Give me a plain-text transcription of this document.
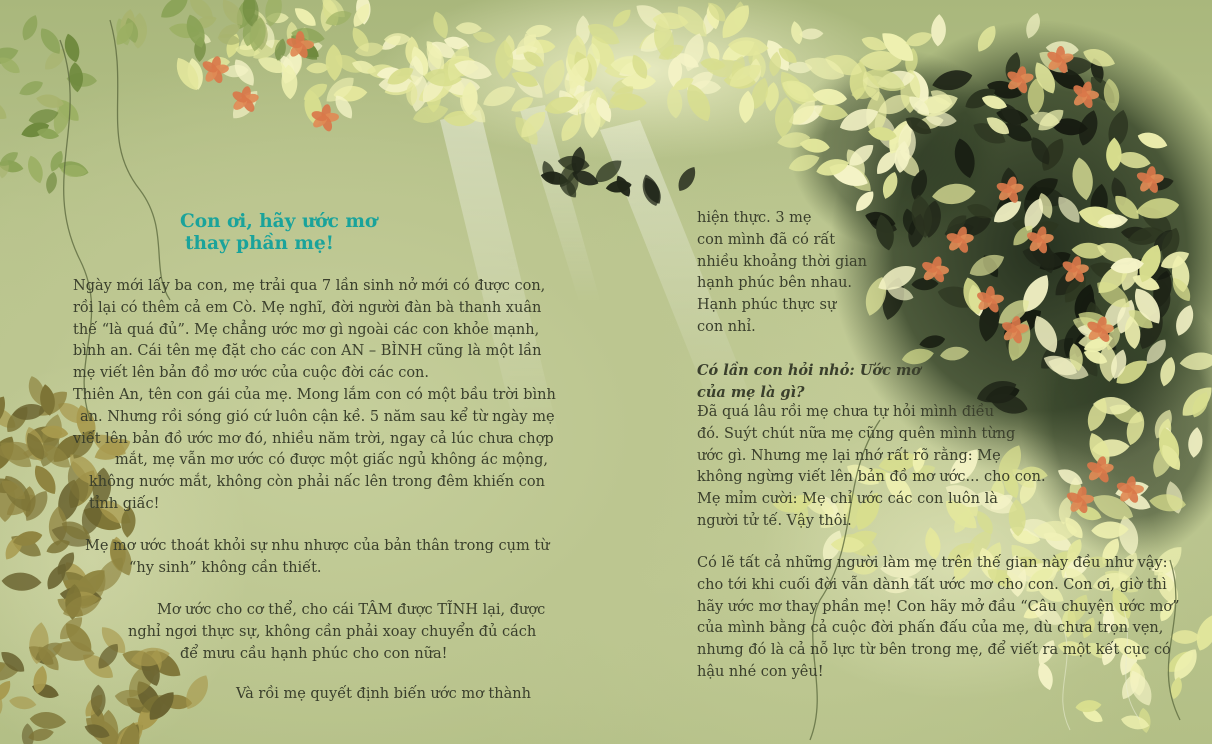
Con ơi, hãy ước mơ
thay phần mẹ!
Ngày mới lấy ba con, mẹ trải qua 7 lần sinh nở mới có được con,
rồi lại có thêm cả em Cò. Mẹ nghĩ, đời người đàn bà thanh xuân
thế “là quá đủ”. Mẹ chẳng ước mơ gì ngoài các con khỏe mạnh,
bình an. Cái tên mẹ đặt cho các con AN – BÌNH cũng là một lần
mẹ viết lên bản đồ mơ ước của cuộc đời các con.
Thiên An, tên con gái của mẹ. Mong lắm con có một bầu trời bình
an. Nhưng rồi sóng gió cứ luôn cận kề. 5 năm sau kể từ ngày mẹ
viết lên bản đồ ước mơ đó, nhiều năm trời, ngay cả lúc chưa chợp
mắt, mẹ vẫn mơ ước có được một giấc ngủ không ác mộng,
không nước mắt, không còn phải nấc lên trong đêm khiến con
tỉnh giấc!
Mẹ mơ ước thoát khỏi sự nhu nhược của bản thân trong cụm từ
“hy sinh” không cần thiết.
Mơ ước cho cơ thể, cho cái TÂM được TĨNH lại, được
nghỉ ngơi thực sự, không cần phải xoay chuyển đủ cách
để mưu cầu hạnh phúc cho con nữa!
Và rồi mẹ quyết định biến ước mơ thành
hiện thực. 3 mẹ
con mình đã có rất
nhiều khoảng thời gian
hạnh phúc bên nhau.
Hạnh phúc thực sự
con nhỉ.
Có lần con hỏi nhỏ: Ước mơ
của mẹ là gì?
Đã quá lâu rồi mẹ chưa tự hỏi mình điều
đó. Suýt chút nữa mẹ cũng quên mình từng
ước gì. Nhưng mẹ lại nhớ rất rõ rằng: Mẹ
không ngừng viết lên bản đồ mơ ước... cho con.
Mẹ mỉm cười: Mẹ chỉ ước các con luôn là
người tử tế. Vậy thôi.
Có lẽ tất cả những người làm mẹ trên thế gian này đều như vậy:
cho tới khi cuối đời vẫn dành tất ước mơ cho con. Con ơi, giờ thì
hãy ước mơ thay phần mẹ! Con hãy mở đầu “Câu chuyện ước mơ”
của mình bằng cả cuộc đời phấn đấu của mẹ, dù chưa trọn vẹn,
nhưng đó là cả nỗ lực từ bên trong mẹ, để viết ra một kết cục có
hậu nhé con yêu!
